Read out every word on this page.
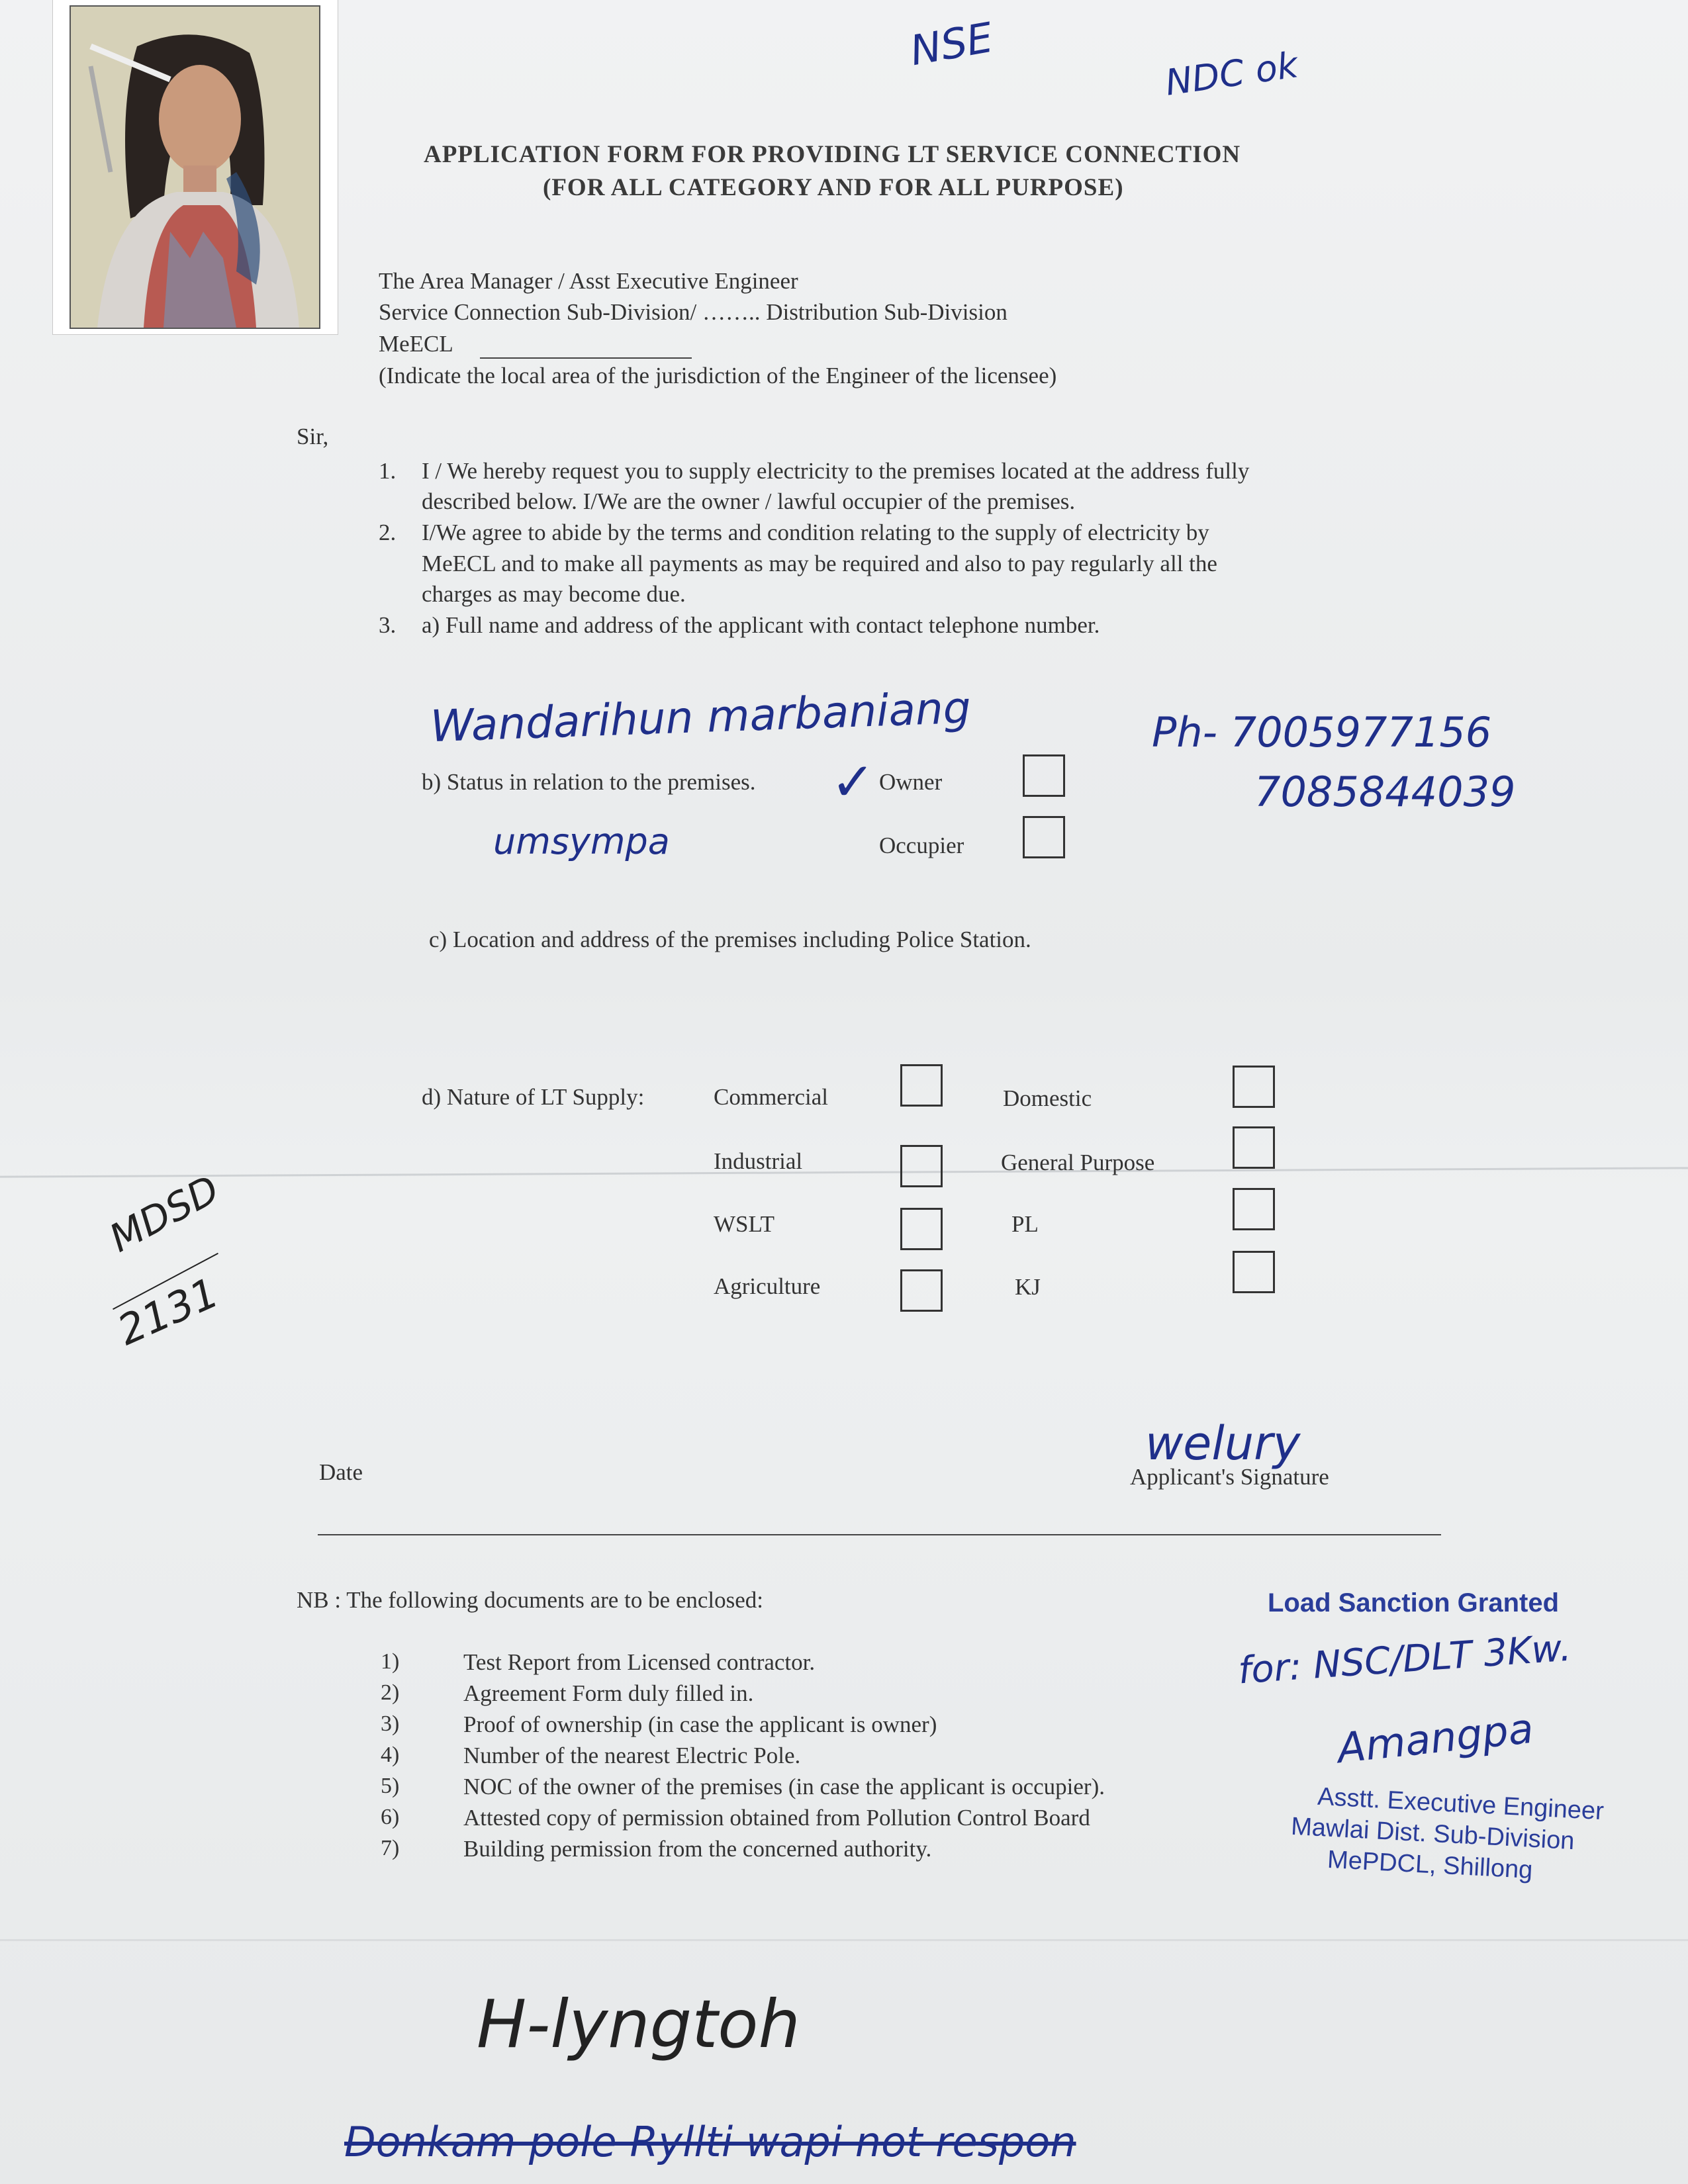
NSE	NDC ok
APPLICATION FORM FOR PROVIDING LT SERVICE CONNECTION
(FOR ALL CATEGORY AND FOR ALL PURPOSE)
The Area Manager / Asst Executive Engineer
Service Connection Sub-Division/ …….. Distribution Sub-Division
MeECL
(Indicate the local area of the jurisdiction of the Engineer of the licensee)
Sir,
1. I / We hereby request you to supply electricity to the premises located at the address fully
described below. I/We are the owner / lawful occupier of the premises.
2. I/We agree to abide by the terms and condition relating to the supply of electricity by
MeECL and to make all payments as may be required and also to pay regularly all the
charges as may become due.
3. a) Full name and address of the applicant with contact telephone number.
Wandarihun marbaniang	Ph- 7005977156
7085844039
b) Status in relation to the premises. ✓ Owner
Occupier
umsympa
c) Location and address of the premises including Police Station.
d) Nature of LT Supply:	Commercial	Domestic
Industrial	General Purpose
WSLT	PL
Agriculture	KJ
MDSD
2131
Date
welury
Applicant's Signature
NB : The following documents are to be enclosed:
1)	Test Report from Licensed contractor.
2)	Agreement Form duly filled in.
3)	Proof of ownership (in case the applicant is owner)
4)	Number of the nearest Electric Pole.
5)	NOC of the owner of the premises (in case the applicant is occupier).
6)	Attested copy of permission obtained from Pollution Control Board
7)	Building permission from the concerned authority.
Load Sanction Granted
for: NSC/DLT 3Kw.
Amangpa
Asstt. Executive Engineer
Mawlai Dist. Sub-Division
MePDCL, Shillong
H-lyngtoh
Donkam pole Ryllti wapi not respon
